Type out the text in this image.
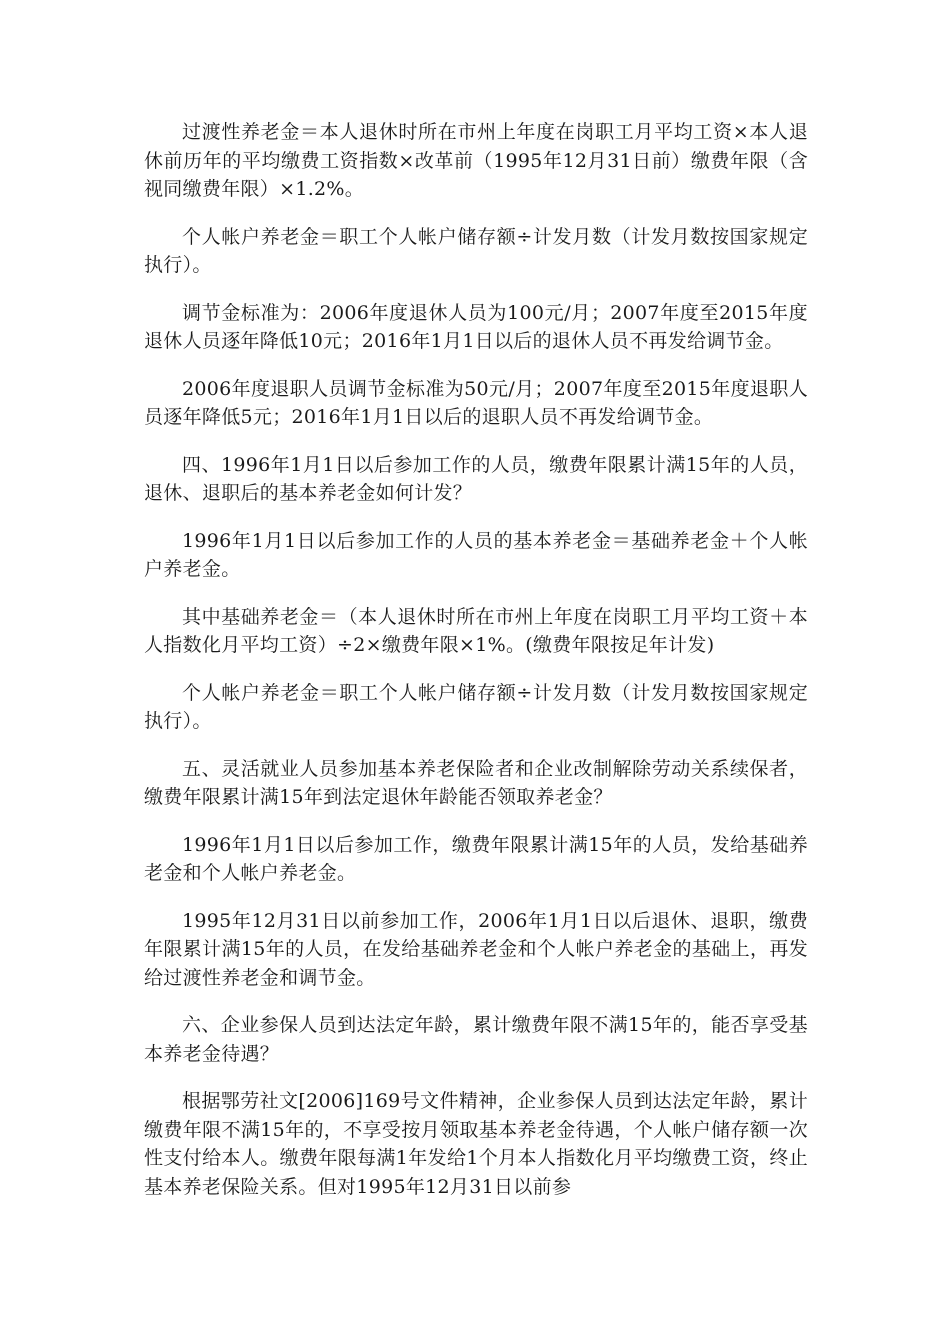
过渡性养老金＝本人退休时所在市州上年度在岗职工月平均工资×本人退休前历年的平均缴费工资指数×改革前（1995年12月31日前）缴费年限（含视同缴费年限）×1.2%。

个人帐户养老金＝职工个人帐户储存额÷计发月数（计发月数按国家规定执行）。

调节金标准为：2006年度退休人员为100元/月；2007年度至2015年度退休人员逐年降低10元；2016年1月1日以后的退休人员不再发给调节金。

2006年度退职人员调节金标准为50元/月；2007年度至2015年度退职人员逐年降低5元；2016年1月1日以后的退职人员不再发给调节金。

四、1996年1月1日以后参加工作的人员，缴费年限累计满15年的人员，退休、退职后的基本养老金如何计发？

1996年1月1日以后参加工作的人员的基本养老金＝基础养老金＋个人帐户养老金。

其中基础养老金＝（本人退休时所在市州上年度在岗职工月平均工资＋本人指数化月平均工资）÷2×缴费年限×1%。(缴费年限按足年计发)

个人帐户养老金＝职工个人帐户储存额÷计发月数（计发月数按国家规定执行）。

五、灵活就业人员参加基本养老保险者和企业改制解除劳动关系续保者，缴费年限累计满15年到法定退休年龄能否领取养老金？

1996年1月1日以后参加工作，缴费年限累计满15年的人员，发给基础养老金和个人帐户养老金。

1995年12月31日以前参加工作，2006年1月1日以后退休、退职，缴费年限累计满15年的人员，在发给基础养老金和个人帐户养老金的基础上，再发给过渡性养老金和调节金。

六、企业参保人员到达法定年龄，累计缴费年限不满15年的，能否享受基本养老金待遇？

根据鄂劳社文[2006]169号文件精神，企业参保人员到达法定年龄，累计缴费年限不满15年的，不享受按月领取基本养老金待遇，个人帐户储存额一次性支付给本人。缴费年限每满1年发给1个月本人指数化月平均缴费工资，终止基本养老保险关系。但对1995年12月31日以前参
